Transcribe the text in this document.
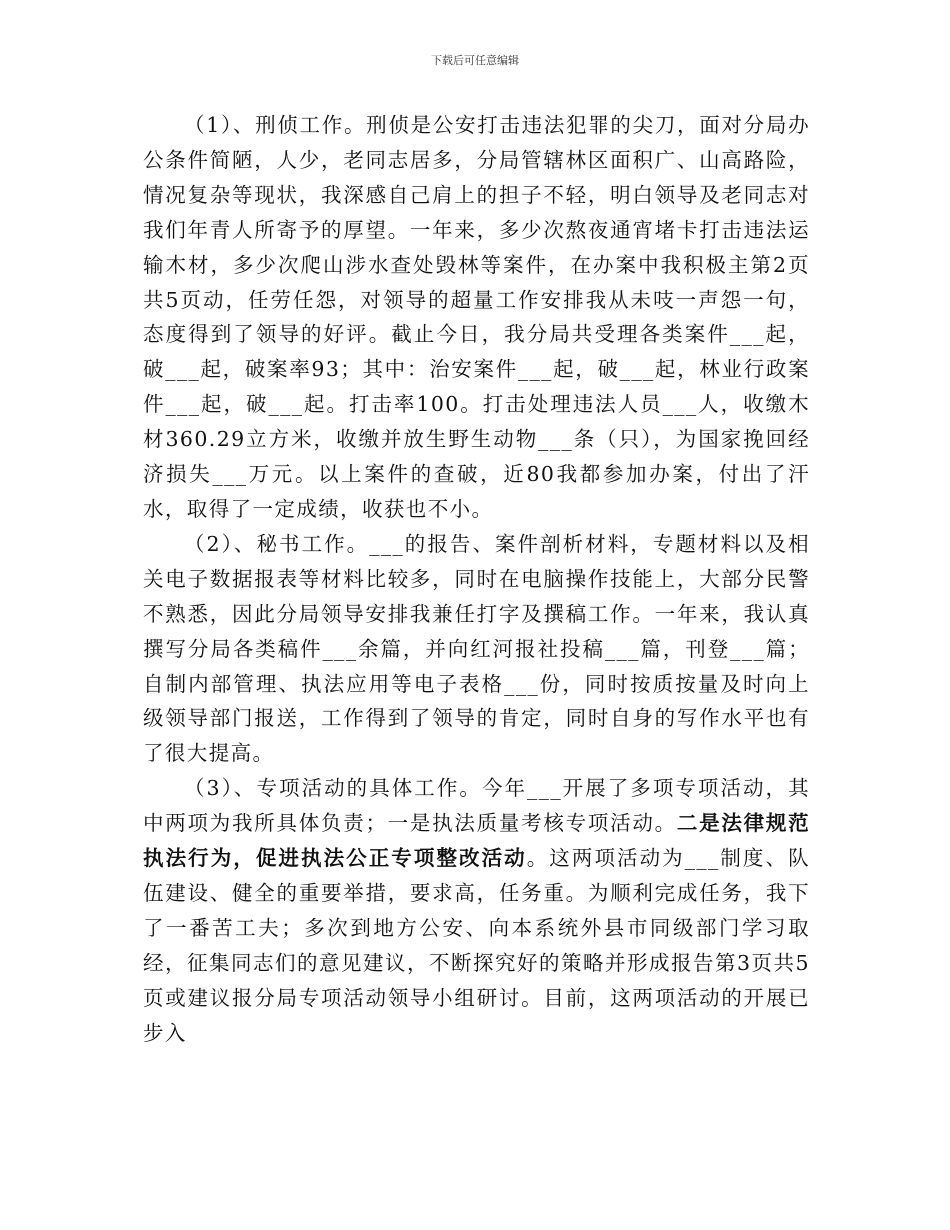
下载后可任意编辑

（1）、刑侦工作。刑侦是公安打击违法犯罪的尖刀，面对分局办公条件简陋，人少，老同志居多，分局管辖林区面积广、山高路险，情况复杂等现状，我深感自己肩上的担子不轻，明白领导及老同志对我们年青人所寄予的厚望。一年来，多少次熬夜通宵堵卡打击违法运输木材，多少次爬山涉水查处毁林等案件，在办案中我积极主第2页共5页动，任劳任怨，对领导的超量工作安排我从未吱一声怨一句，态度得到了领导的好评。截止今日，我分局共受理各类案件___起，破___起，破案率93；其中：治安案件___起，破___起，林业行政案件___起，破___起。打击率100。打击处理违法人员___人，收缴木材360.29立方米，收缴并放生野生动物___条（只），为国家挽回经济损失___万元。以上案件的查破，近80我都参加办案，付出了汗水，取得了一定成绩，收获也不小。

（2）、秘书工作。___的报告、案件剖析材料，专题材料以及相关电子数据报表等材料比较多，同时在电脑操作技能上，大部分民警不熟悉，因此分局领导安排我兼任打字及撰稿工作。一年来，我认真撰写分局各类稿件___余篇，并向红河报社投稿___篇，刊登___篇；自制内部管理、执法应用等电子表格___份，同时按质按量及时向上级领导部门报送，工作得到了领导的肯定，同时自身的写作水平也有了很大提高。

（3）、专项活动的具体工作。今年___开展了多项专项活动，其中两项为我所具体负责；一是执法质量考核专项活动。二是法律规范执法行为，促进执法公正专项整改活动。这两项活动为___制度、队伍建设、健全的重要举措，要求高，任务重。为顺利完成任务，我下了一番苦工夫；多次到地方公安、向本系统外县市同级部门学习取经，征集同志们的意见建议，不断探究好的策略并形成报告第3页共5页或建议报分局专项活动领导小组研讨。目前，这两项活动的开展已步入
